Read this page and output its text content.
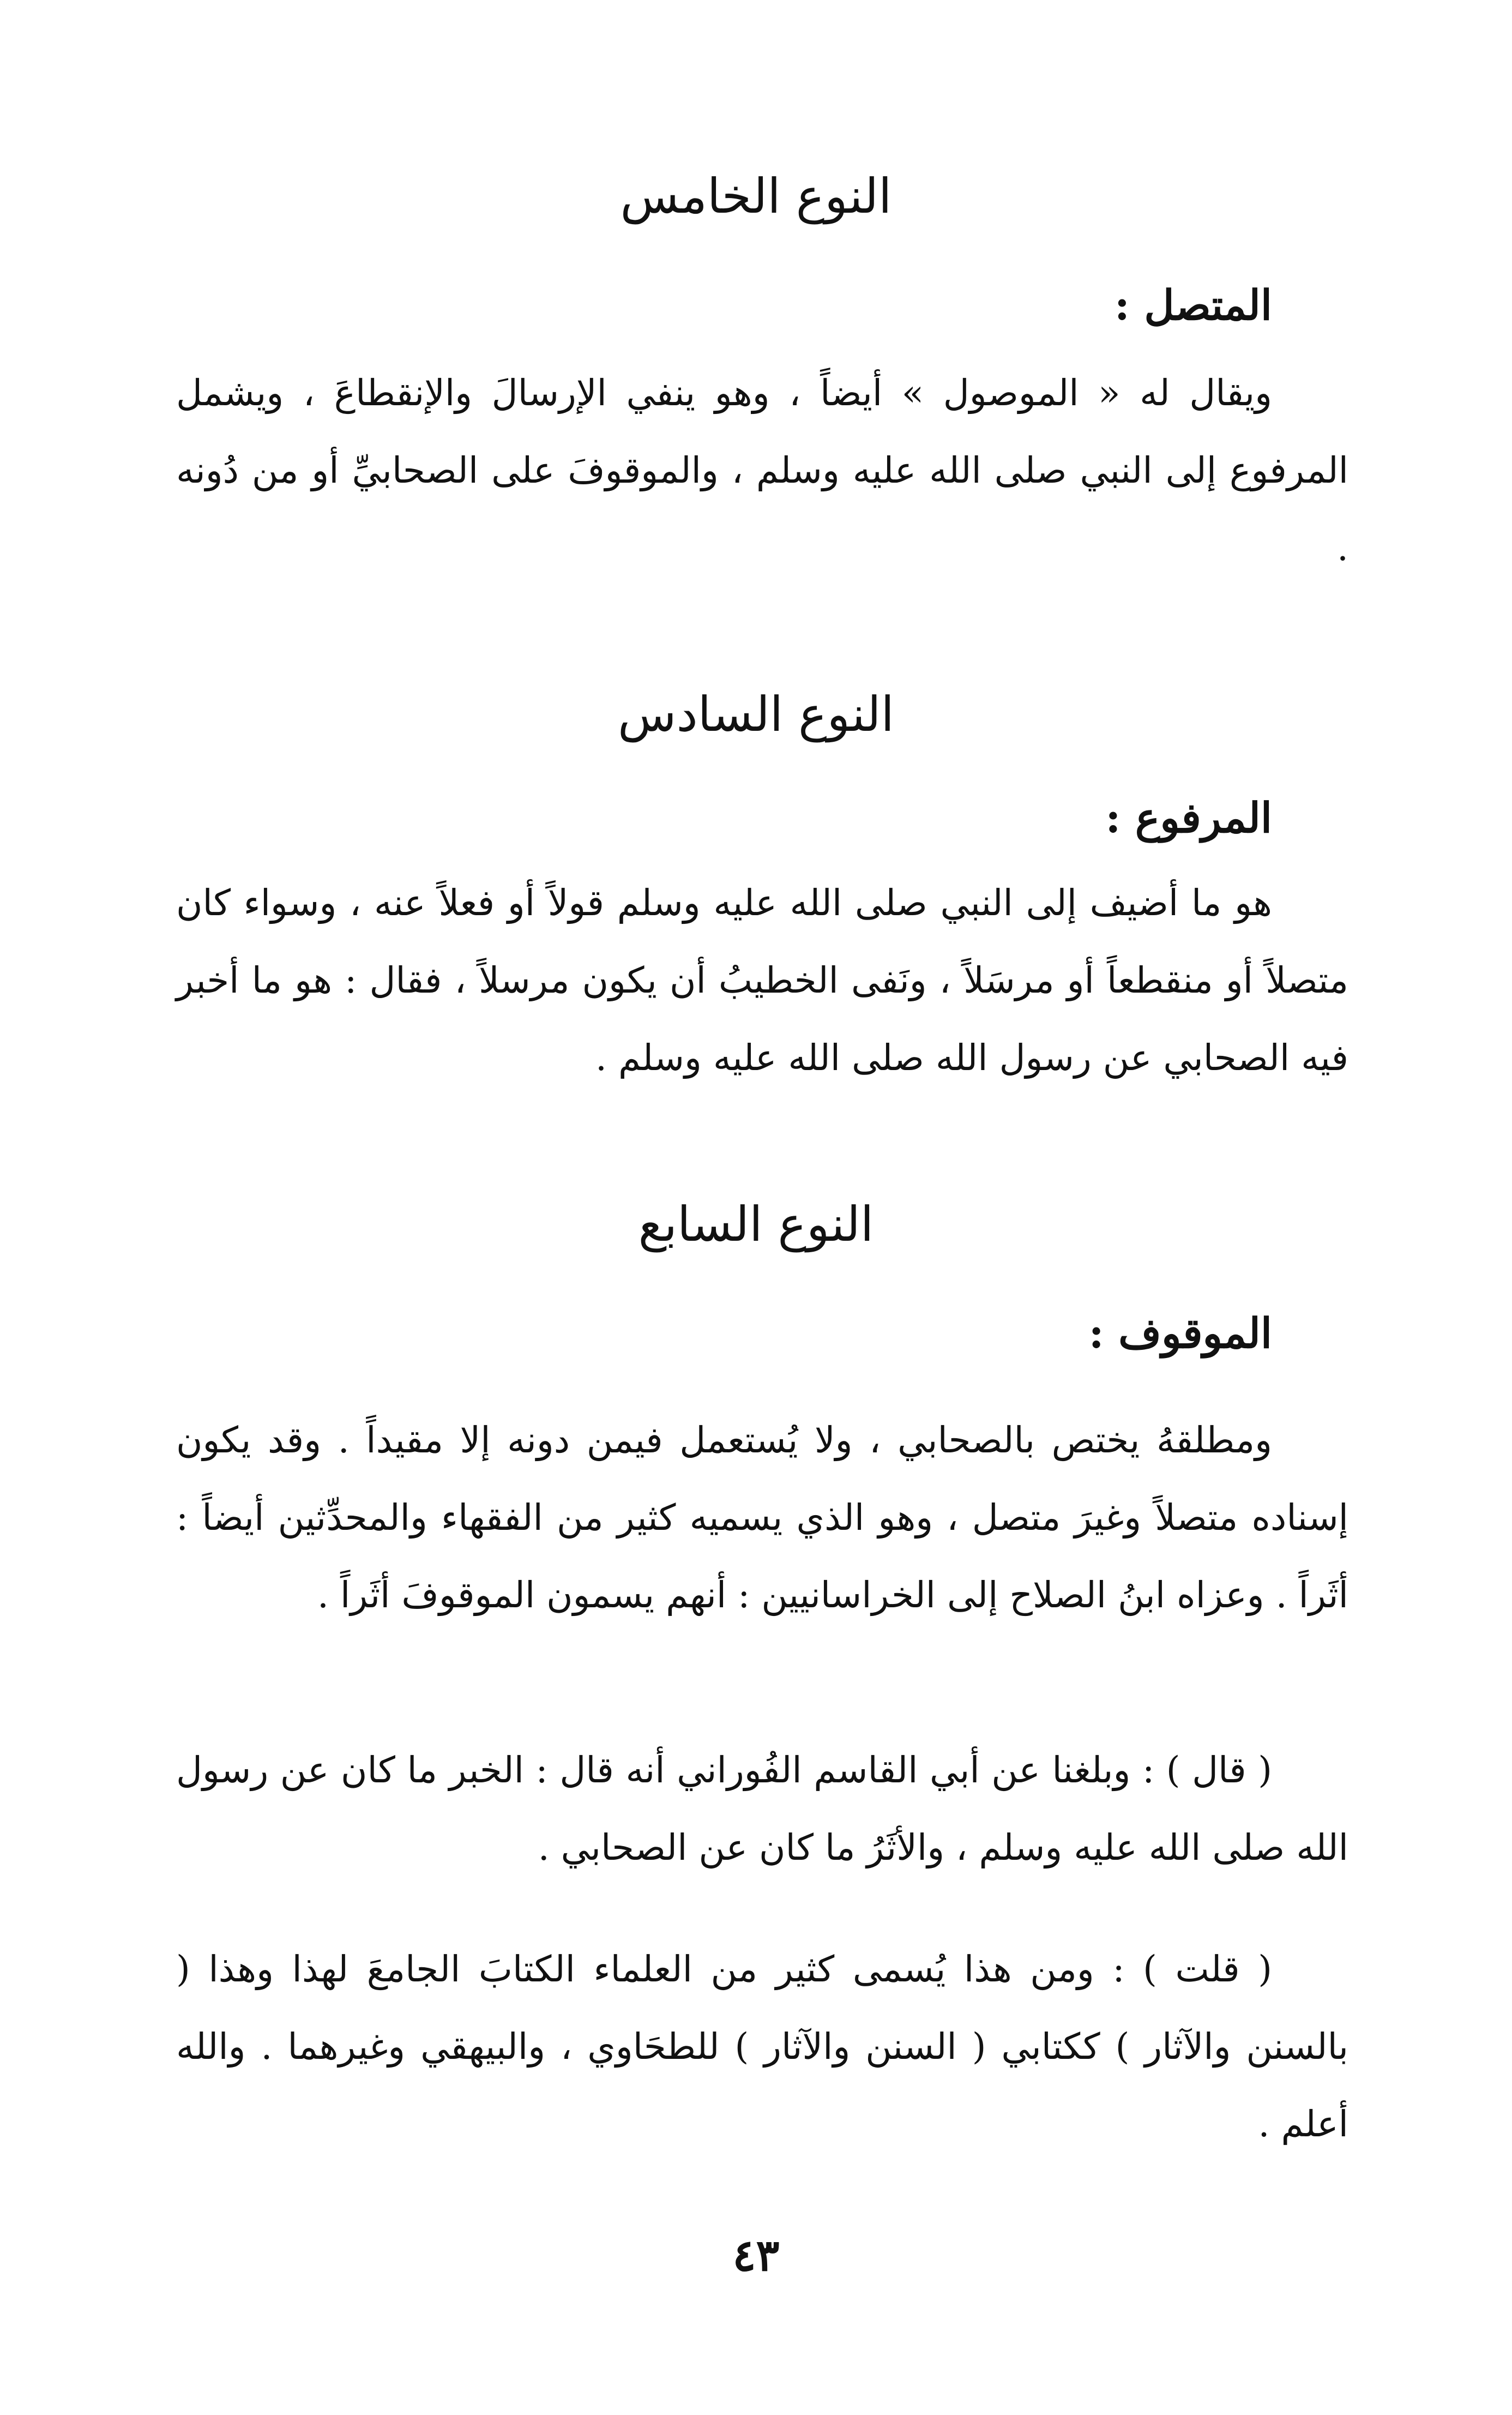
النوع الخامس
المتصل :

ويقال له « الموصول » أيضاً ، وهو ينفي الإرسالَ والإنقطاعَ ، ويشمل المرفوع إلى النبي صلى الله عليه وسلم ، والموقوفَ على الصحابيِّ أو من دُونه .

النوع السادس
المرفوع :

هو ما أضيف إلى النبي صلى الله عليه وسلم قولاً أو فعلاً عنه ، وسواء كان متصلاً أو منقطعاً أو مرسَلاً ، ونَفى الخطيبُ أن يكون مرسلاً ، فقال : هو ما أخبر فيه الصحابي عن رسول الله صلى الله عليه وسلم .

النوع السابع
الموقوف :

ومطلقهُ يختص بالصحابي ، ولا يُستعمل فيمن دونه إلا مقيداً . وقد يكون إسناده متصلاً وغيرَ متصل ، وهو الذي يسميه كثير من الفقهاء والمحدِّثين أيضاً : أثَراً . وعزاه ابنُ الصلاح إلى الخراسانيين : أنهم يسمون الموقوفَ أثَراً .

( قال ) : وبلغنا عن أبي القاسم الفُوراني أنه قال : الخبر ما كان عن رسول الله صلى الله عليه وسلم ، والأثَرُ ما كان عن الصحابي .

( قلت ) : ومن هذا يُسمى كثير من العلماء الكتابَ الجامعَ لهذا وهذا ( بالسنن والآثار ) ككتابي ( السنن والآثار ) للطحَاوي ، والبيهقي وغيرهما . والله أعلم .

٤٣
